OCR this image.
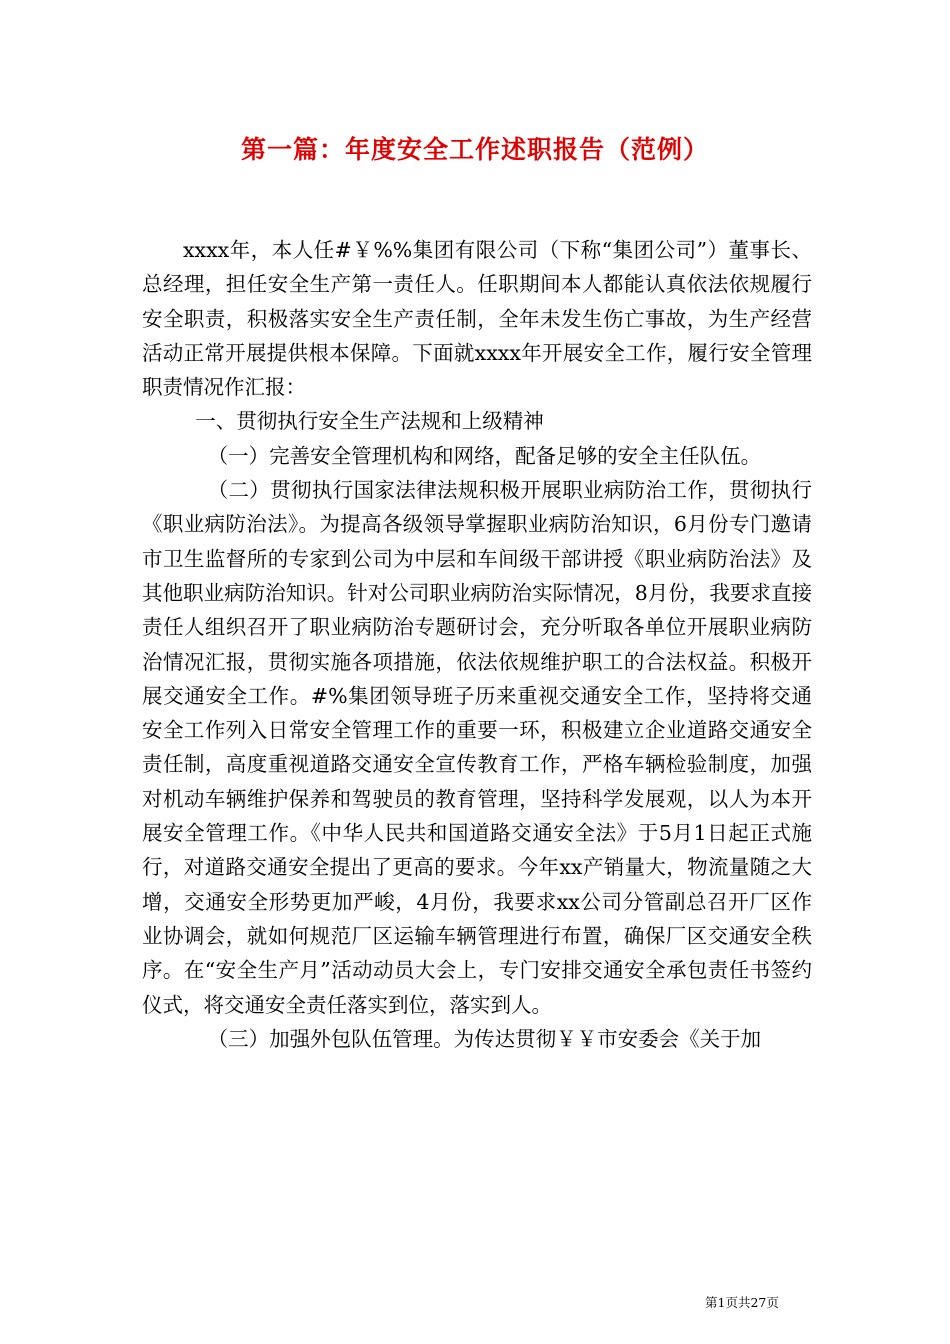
第一篇：年度安全工作述职报告（范例）

xxxx年，本人任#￥%%集团有限公司（下称“集团公司”）董事长、总经理，担任安全生产第一责任人。任职期间本人都能认真依法依规履行安全职责，积极落实安全生产责任制，全年未发生伤亡事故，为生产经营活动正常开展提供根本保障。下面就xxxx年开展安全工作，履行安全管理职责情况作汇报：

一、贯彻执行安全生产法规和上级精神

（一）完善安全管理机构和网络，配备足够的安全主任队伍。

（二）贯彻执行国家法律法规积极开展职业病防治工作，贯彻执行《职业病防治法》。为提高各级领导掌握职业病防治知识，6月份专门邀请市卫生监督所的专家到公司为中层和车间级干部讲授《职业病防治法》及其他职业病防治知识。针对公司职业病防治实际情况，8月份，我要求直接责任人组织召开了职业病防治专题研讨会，充分听取各单位开展职业病防治情况汇报，贯彻实施各项措施，依法依规维护职工的合法权益。积极开展交通安全工作。#%集团领导班子历来重视交通安全工作，坚持将交通安全工作列入日常安全管理工作的重要一环，积极建立企业道路交通安全责任制，高度重视道路交通安全宣传教育工作，严格车辆检验制度，加强对机动车辆维护保养和驾驶员的教育管理，坚持科学发展观，以人为本开展安全管理工作。《中华人民共和国道路交通安全法》于5月1日起正式施行，对道路交通安全提出了更高的要求。今年xx产销量大，物流量随之大增，交通安全形势更加严峻，4月份，我要求xx公司分管副总召开厂区作业协调会，就如何规范厂区运输车辆管理进行布置，确保厂区交通安全秩序。在“安全生产月”活动动员大会上，专门安排交通安全承包责任书签约仪式，将交通安全责任落实到位，落实到人。

（三）加强外包队伍管理。为传达贯彻￥￥市安委会《关于加

第1页共27页
